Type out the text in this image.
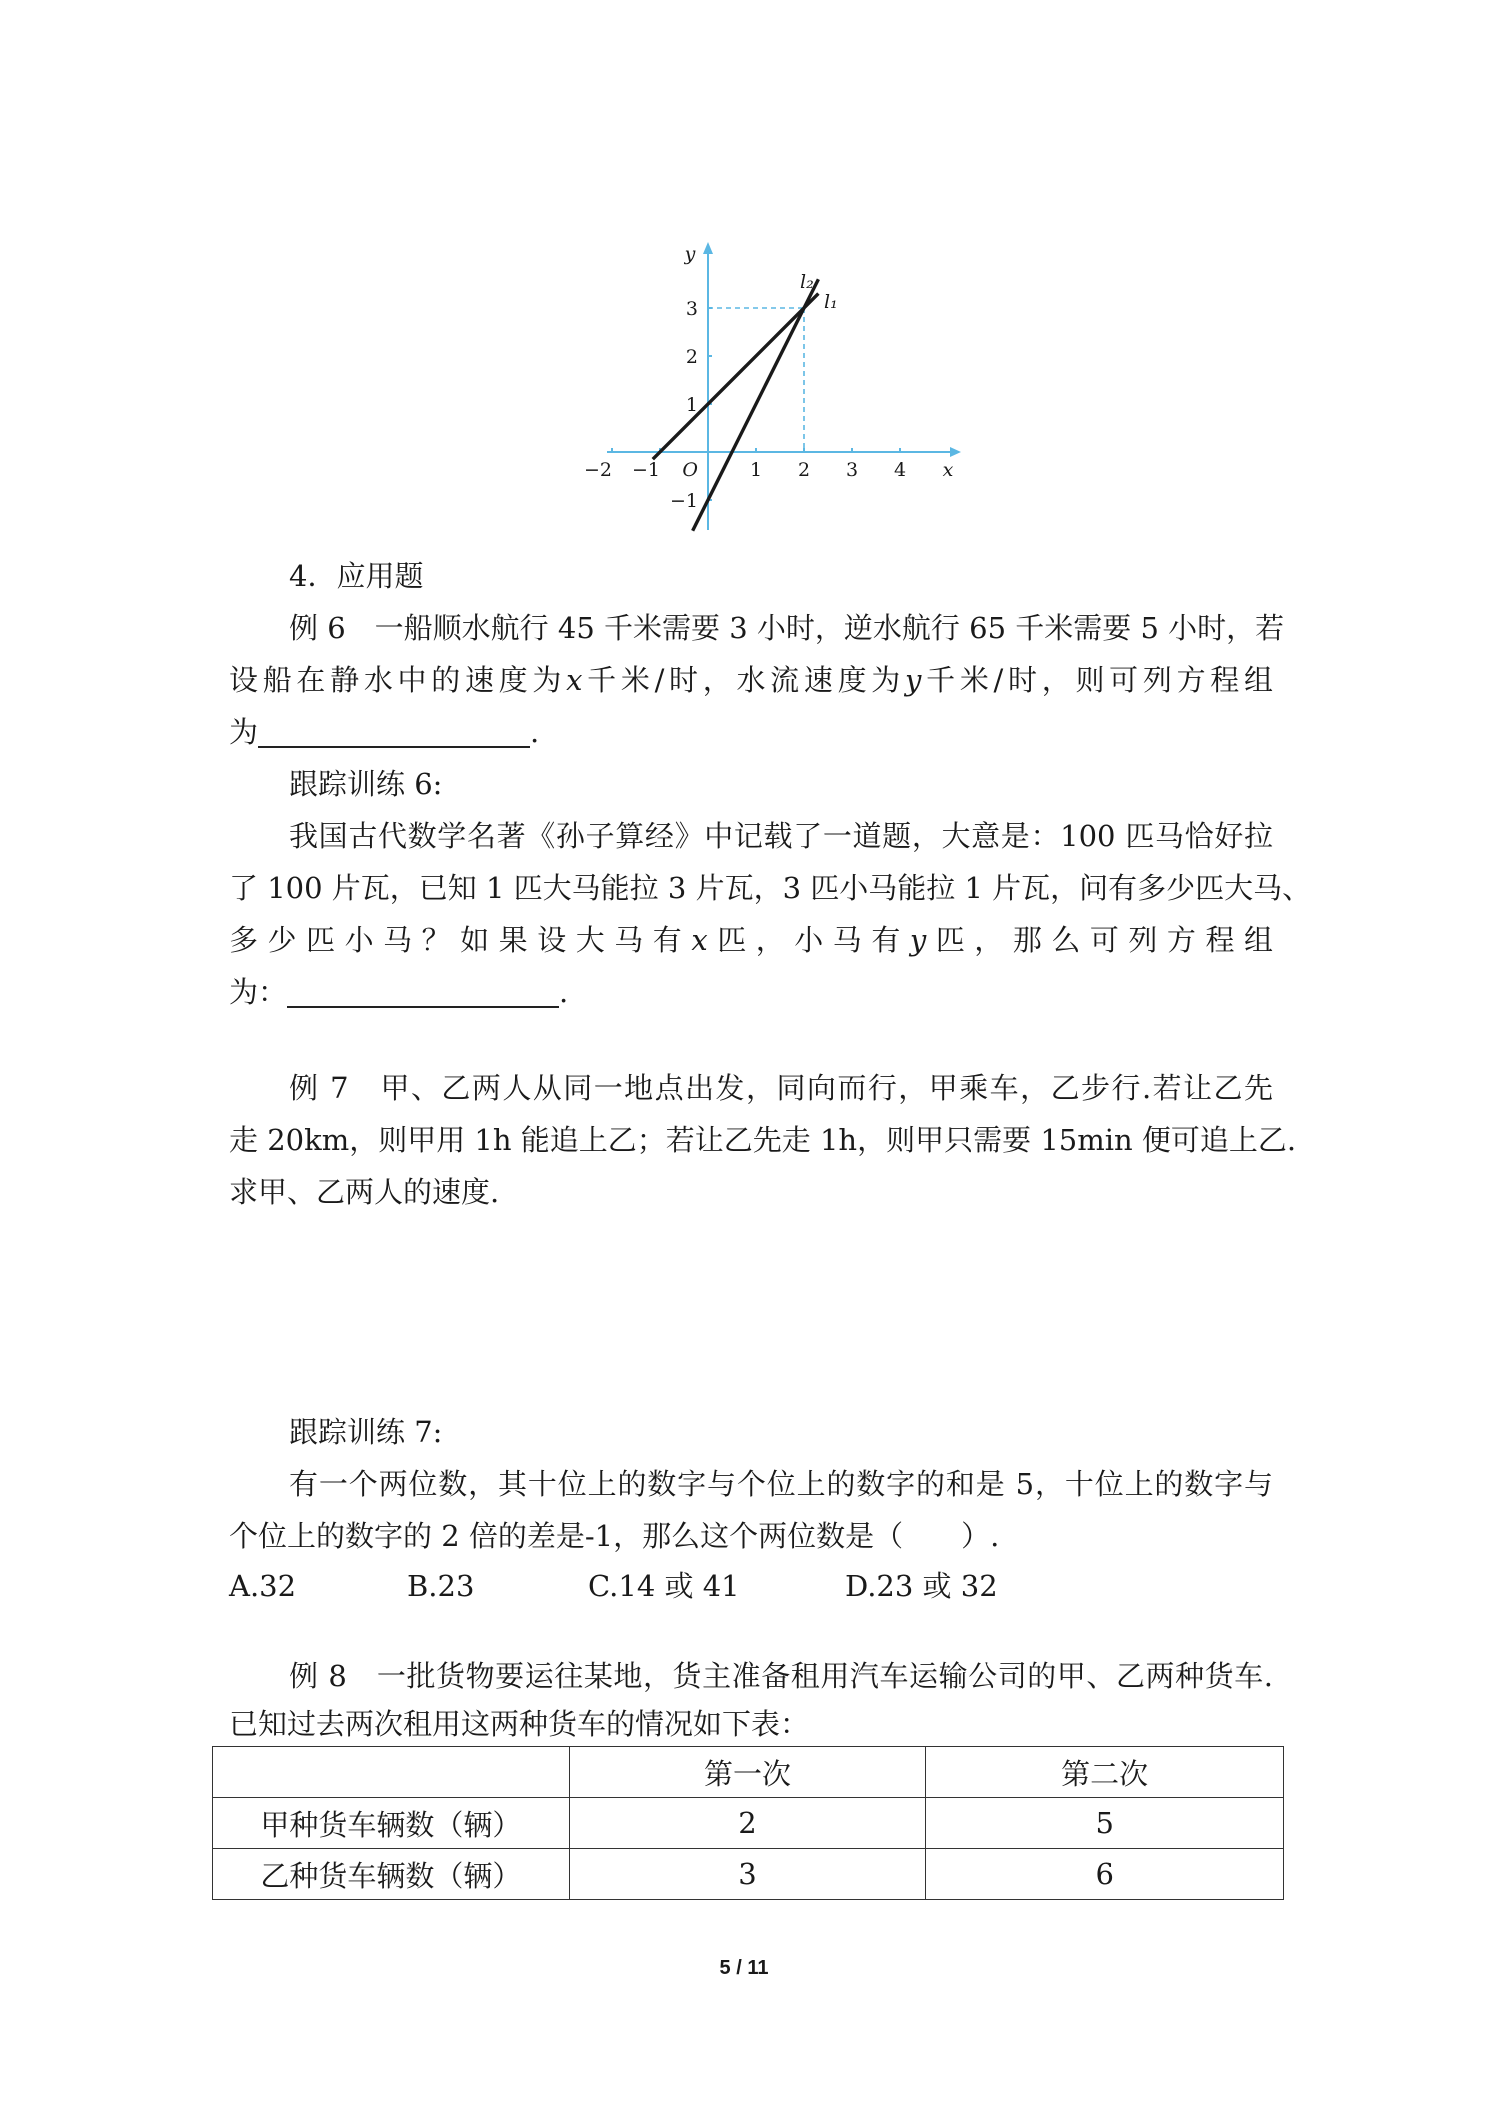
−2 −1	1 2 3 4
3
2
1
−1
O
y
x
l₂
l₁
4．应用题
例 6　一船顺水航行 45 千米需要 3 小时，逆水航行 65 千米需要 5 小时，若
设船在静水中的速度为x千米/时，水流速度为y千米/时，则可列方程组
为	.
跟踪训练 6:
我国古代数学名著《孙子算经》中记载了一道题，大意是：100 匹马恰好拉
了 100 片瓦，已知 1 匹大马能拉 3 片瓦，3 匹小马能拉 1 片瓦，问有多少匹大马、
多少匹小马？如果设大马有x匹，小马有y匹，那么可列方程组
为：	.
例 7　甲、乙两人从同一地点出发，同向而行，甲乘车，乙步行.若让乙先
走 20km，则甲用 1h 能追上乙；若让乙先走 1h，则甲只需要 15min 便可追上乙.
求甲、乙两人的速度.
跟踪训练 7:
有一个两位数，其十位上的数字与个位上的数字的和是 5，十位上的数字与
个位上的数字的 2 倍的差是-1，那么这个两位数是（　　）.
A.32	B.23	C.14 或 41	D.23 或 32
例 8　一批货物要运往某地，货主准备租用汽车运输公司的甲、乙两种货车.
已知过去两次租用这两种货车的情况如下表：
	第一次	第二次
甲种货车辆数（辆）	2	5
乙种货车辆数（辆）	3	6
5 / 11
